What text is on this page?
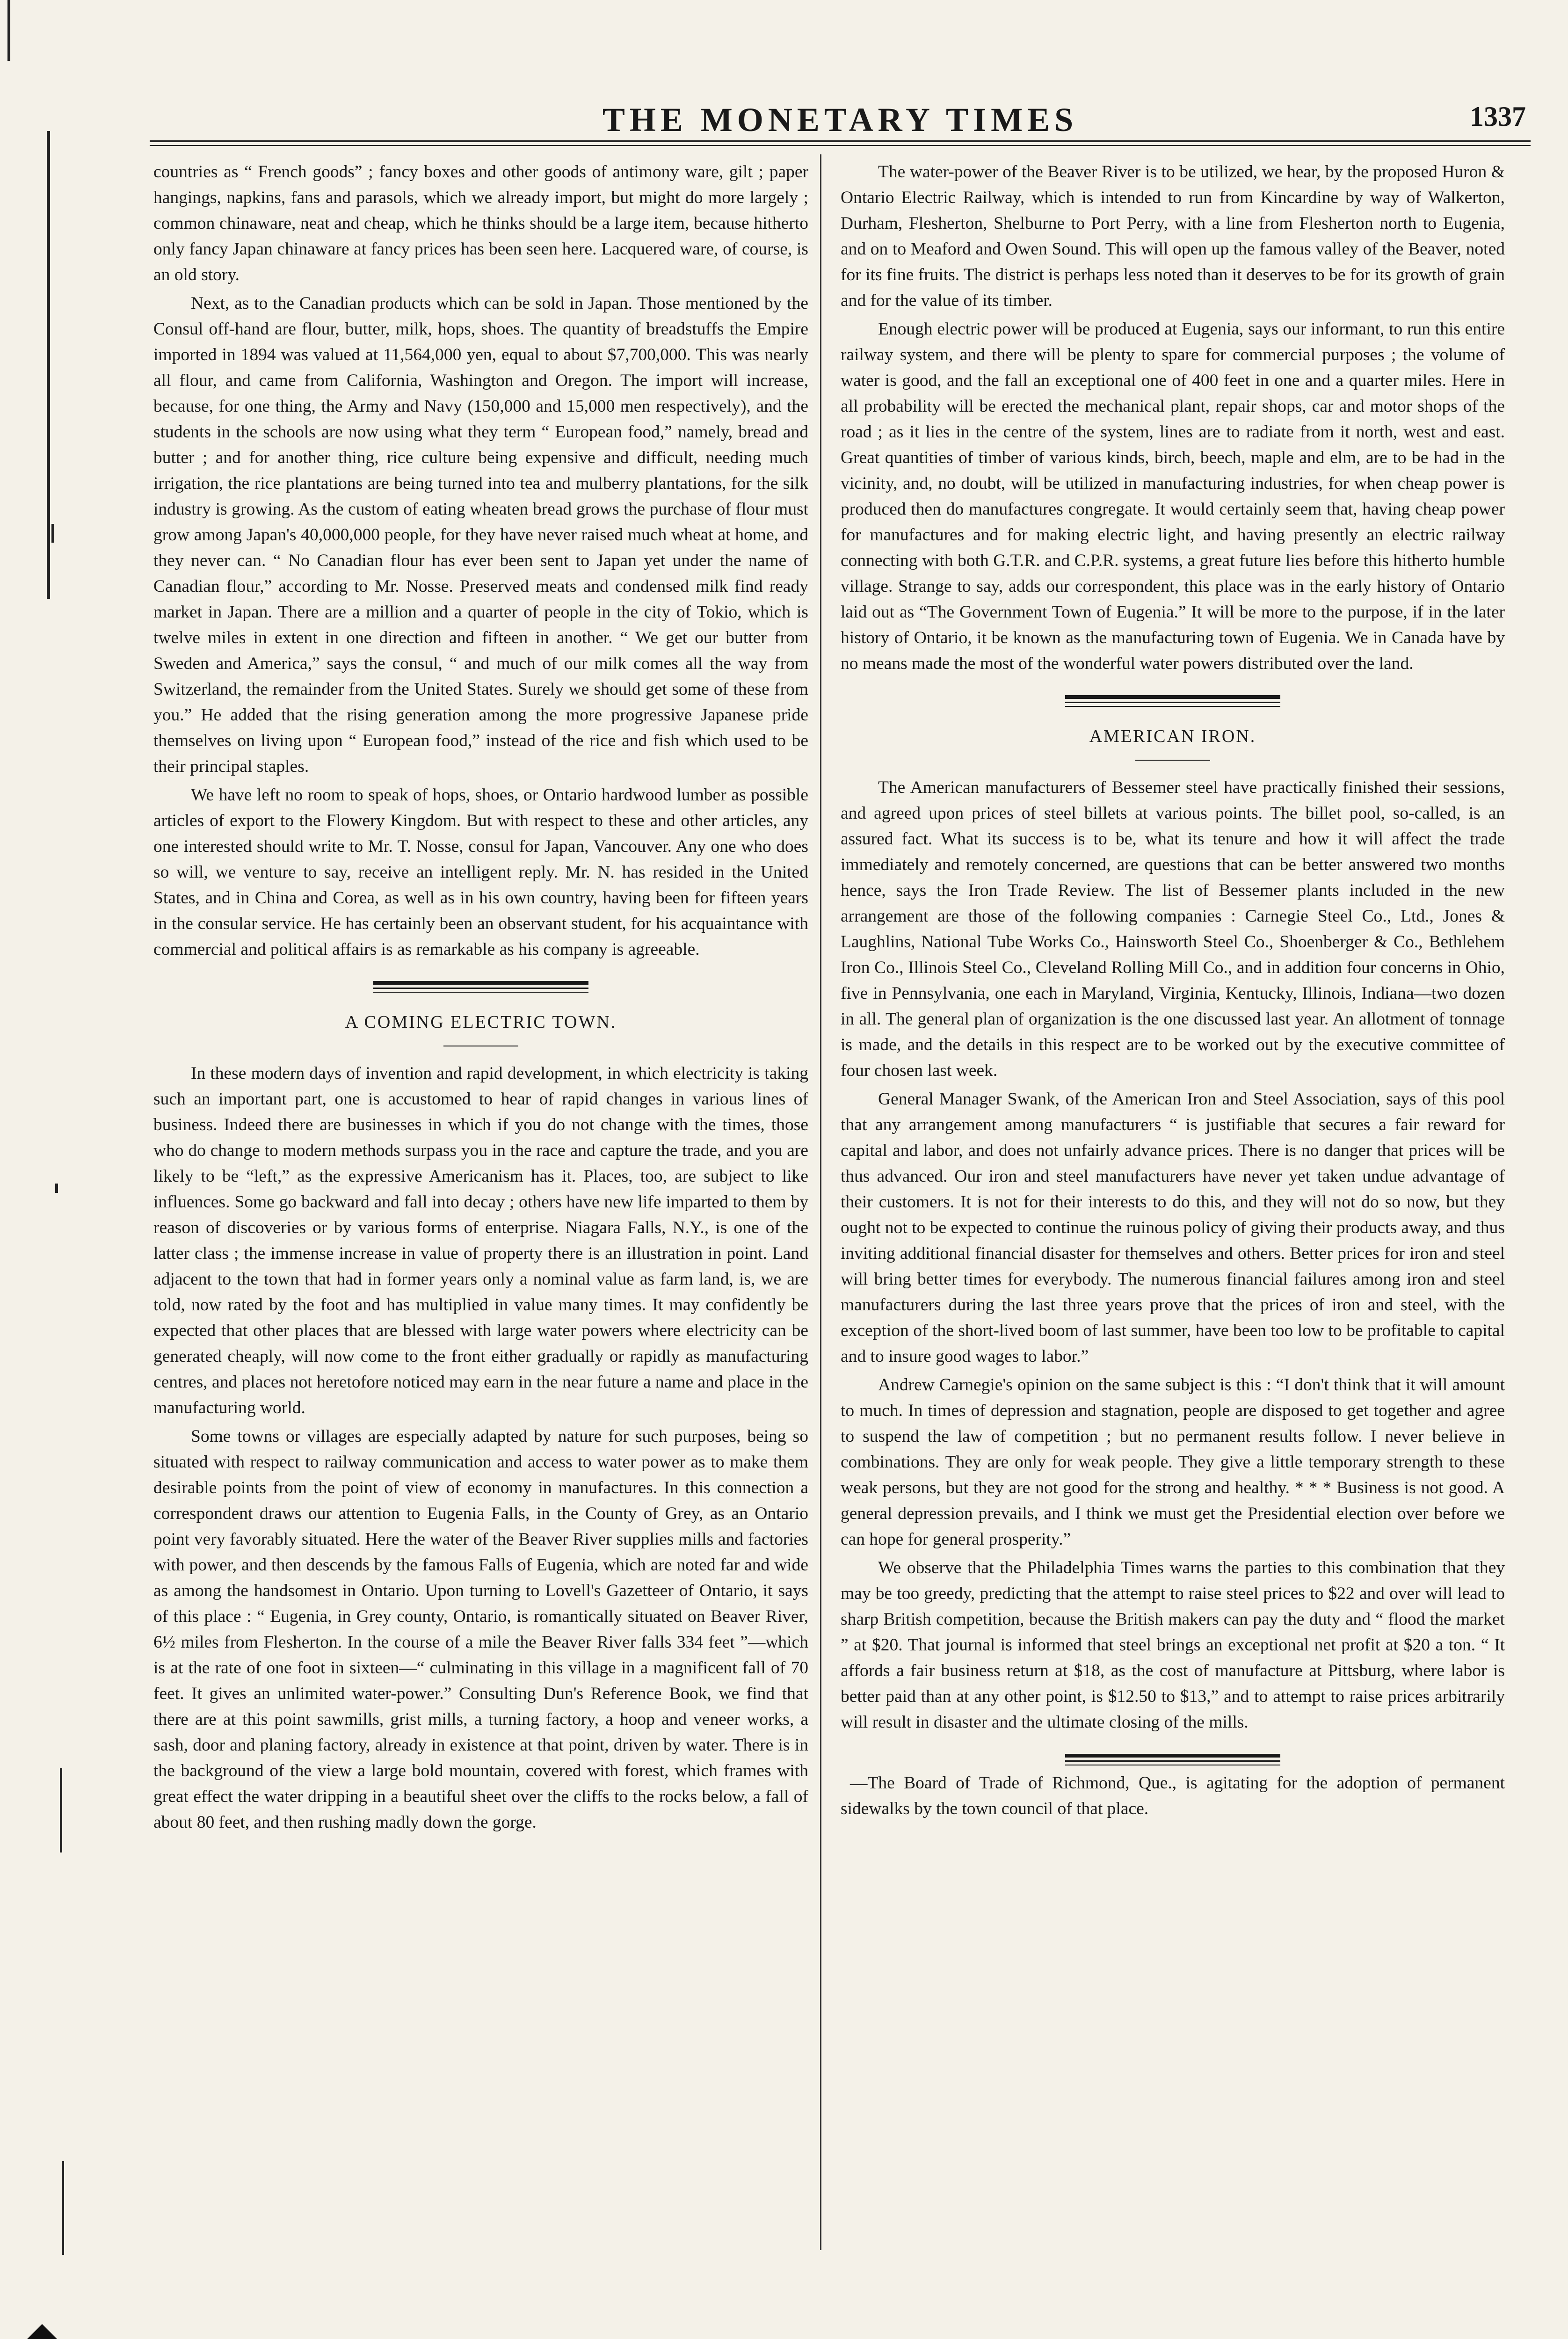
THE MONETARY TIMES	1337

countries as “ French goods” ; fancy boxes and other goods of antimony ware, gilt ; paper hangings, napkins, fans and parasols, which we already import, but might do more largely ; common chinaware, neat and cheap, which he thinks should be a large item, because hitherto only fancy Japan chinaware at fancy prices has been seen here. Lacquered ware, of course, is an old story.

Next, as to the Canadian products which can be sold in Japan. Those mentioned by the Consul off-hand are flour, butter, milk, hops, shoes. The quantity of breadstuffs the Empire imported in 1894 was valued at 11,564,000 yen, equal to about $7,700,000. This was nearly all flour, and came from California, Washington and Oregon. The import will increase, because, for one thing, the Army and Navy (150,000 and 15,000 men respectively), and the students in the schools are now using what they term “ European food,” namely, bread and butter ; and for another thing, rice culture being expensive and difficult, needing much irrigation, the rice plantations are being turned into tea and mulberry plantations, for the silk industry is growing. As the custom of eating wheaten bread grows the purchase of flour must grow among Japan's 40,000,000 people, for they have never raised much wheat at home, and they never can. “ No Canadian flour has ever been sent to Japan yet under the name of Canadian flour,” according to Mr. Nosse. Preserved meats and condensed milk find ready market in Japan. There are a million and a quarter of people in the city of Tokio, which is twelve miles in extent in one direction and fifteen in another. “ We get our butter from Sweden and America,” says the consul, “ and much of our milk comes all the way from Switzerland, the remainder from the United States. Surely we should get some of these from you.” He added that the rising generation among the more progressive Japanese pride themselves on living upon “ European food,” instead of the rice and fish which used to be their principal staples.

We have left no room to speak of hops, shoes, or Ontario hardwood lumber as possible articles of export to the Flowery Kingdom. But with respect to these and other articles, any one interested should write to Mr. T. Nosse, consul for Japan, Vancouver. Any one who does so will, we venture to say, receive an intelligent reply. Mr. N. has resided in the United States, and in China and Corea, as well as in his own country, having been for fifteen years in the consular service. He has certainly been an observant student, for his acquaintance with commercial and political affairs is as remarkable as his company is agreeable.

A COMING ELECTRIC TOWN.

In these modern days of invention and rapid development, in which electricity is taking such an important part, one is accustomed to hear of rapid changes in various lines of business. Indeed there are businesses in which if you do not change with the times, those who do change to modern methods surpass you in the race and capture the trade, and you are likely to be “left,” as the expressive Americanism has it. Places, too, are subject to like influences. Some go backward and fall into decay ; others have new life imparted to them by reason of discoveries or by various forms of enterprise. Niagara Falls, N.Y., is one of the latter class ; the immense increase in value of property there is an illustration in point. Land adjacent to the town that had in former years only a nominal value as farm land, is, we are told, now rated by the foot and has multiplied in value many times. It may confidently be expected that other places that are blessed with large water powers where electricity can be generated cheaply, will now come to the front either gradually or rapidly as manufacturing centres, and places not heretofore noticed may earn in the near future a name and place in the manufacturing world.

Some towns or villages are especially adapted by nature for such purposes, being so situated with respect to railway communication and access to water power as to make them desirable points from the point of view of economy in manufactures. In this connection a correspondent draws our attention to Eugenia Falls, in the County of Grey, as an Ontario point very favorably situated. Here the water of the Beaver River supplies mills and factories with power, and then descends by the famous Falls of Eugenia, which are noted far and wide as among the handsomest in Ontario. Upon turning to Lovell's Gazetteer of Ontario, it says of this place : “ Eugenia, in Grey county, Ontario, is romantically situated on Beaver River, 6½ miles from Flesherton. In the course of a mile the Beaver River falls 334 feet ”—which is at the rate of one foot in sixteen—“ culminating in this village in a magnificent fall of 70 feet. It gives an unlimited water-power.” Consulting Dun's Reference Book, we find that there are at this point sawmills, grist mills, a turning factory, a hoop and veneer works, a sash, door and planing factory, already in existence at that point, driven by water. There is in the background of the view a large bold mountain, covered with forest, which frames with great effect the water dripping in a beautiful sheet over the cliffs to the rocks below, a fall of about 80 feet, and then rushing madly down the gorge.

The water-power of the Beaver River is to be utilized, we hear, by the proposed Huron & Ontario Electric Railway, which is intended to run from Kincardine by way of Walkerton, Durham, Flesherton, Shelburne to Port Perry, with a line from Flesherton north to Eugenia, and on to Meaford and Owen Sound. This will open up the famous valley of the Beaver, noted for its fine fruits. The district is perhaps less noted than it deserves to be for its growth of grain and for the value of its timber.

Enough electric power will be produced at Eugenia, says our informant, to run this entire railway system, and there will be plenty to spare for commercial purposes ; the volume of water is good, and the fall an exceptional one of 400 feet in one and a quarter miles. Here in all probability will be erected the mechanical plant, repair shops, car and motor shops of the road ; as it lies in the centre of the system, lines are to radiate from it north, west and east. Great quantities of timber of various kinds, birch, beech, maple and elm, are to be had in the vicinity, and, no doubt, will be utilized in manufacturing industries, for when cheap power is produced then do manufactures congregate. It would certainly seem that, having cheap power for manufactures and for making electric light, and having presently an electric railway connecting with both G.T.R. and C.P.R. systems, a great future lies before this hitherto humble village. Strange to say, adds our correspondent, this place was in the early history of Ontario laid out as “The Government Town of Eugenia.” It will be more to the purpose, if in the later history of Ontario, it be known as the manufacturing town of Eugenia. We in Canada have by no means made the most of the wonderful water powers distributed over the land.

AMERICAN IRON.

The American manufacturers of Bessemer steel have practically finished their sessions, and agreed upon prices of steel billets at various points. The billet pool, so-called, is an assured fact. What its success is to be, what its tenure and how it will affect the trade immediately and remotely concerned, are questions that can be better answered two months hence, says the Iron Trade Review. The list of Bessemer plants included in the new arrangement are those of the following companies : Carnegie Steel Co., Ltd., Jones & Laughlins, National Tube Works Co., Hainsworth Steel Co., Shoenberger & Co., Bethlehem Iron Co., Illinois Steel Co., Cleveland Rolling Mill Co., and in addition four concerns in Ohio, five in Pennsylvania, one each in Maryland, Virginia, Kentucky, Illinois, Indiana—two dozen in all. The general plan of organization is the one discussed last year. An allotment of tonnage is made, and the details in this respect are to be worked out by the executive committee of four chosen last week.

General Manager Swank, of the American Iron and Steel Association, says of this pool that any arrangement among manufacturers “ is justifiable that secures a fair reward for capital and labor, and does not unfairly advance prices. There is no danger that prices will be thus advanced. Our iron and steel manufacturers have never yet taken undue advantage of their customers. It is not for their interests to do this, and they will not do so now, but they ought not to be expected to continue the ruinous policy of giving their products away, and thus inviting additional financial disaster for themselves and others. Better prices for iron and steel will bring better times for everybody. The numerous financial failures among iron and steel manufacturers during the last three years prove that the prices of iron and steel, with the exception of the short-lived boom of last summer, have been too low to be profitable to capital and to insure good wages to labor.”

Andrew Carnegie's opinion on the same subject is this : “I don't think that it will amount to much. In times of depression and stagnation, people are disposed to get together and agree to suspend the law of competition ; but no permanent results follow. I never believe in combinations. They are only for weak people. They give a little temporary strength to these weak persons, but they are not good for the strong and healthy. * * * Business is not good. A general depression prevails, and I think we must get the Presidential election over before we can hope for general prosperity.”

We observe that the Philadelphia Times warns the parties to this combination that they may be too greedy, predicting that the attempt to raise steel prices to $22 and over will lead to sharp British competition, because the British makers can pay the duty and “ flood the market ” at $20. That journal is informed that steel brings an exceptional net profit at $20 a ton. “ It affords a fair business return at $18, as the cost of manufacture at Pittsburg, where labor is better paid than at any other point, is $12.50 to $13,” and to attempt to raise prices arbitrarily will result in disaster and the ultimate closing of the mills.

—The Board of Trade of Richmond, Que., is agitating for the adoption of permanent sidewalks by the town council of that place.
